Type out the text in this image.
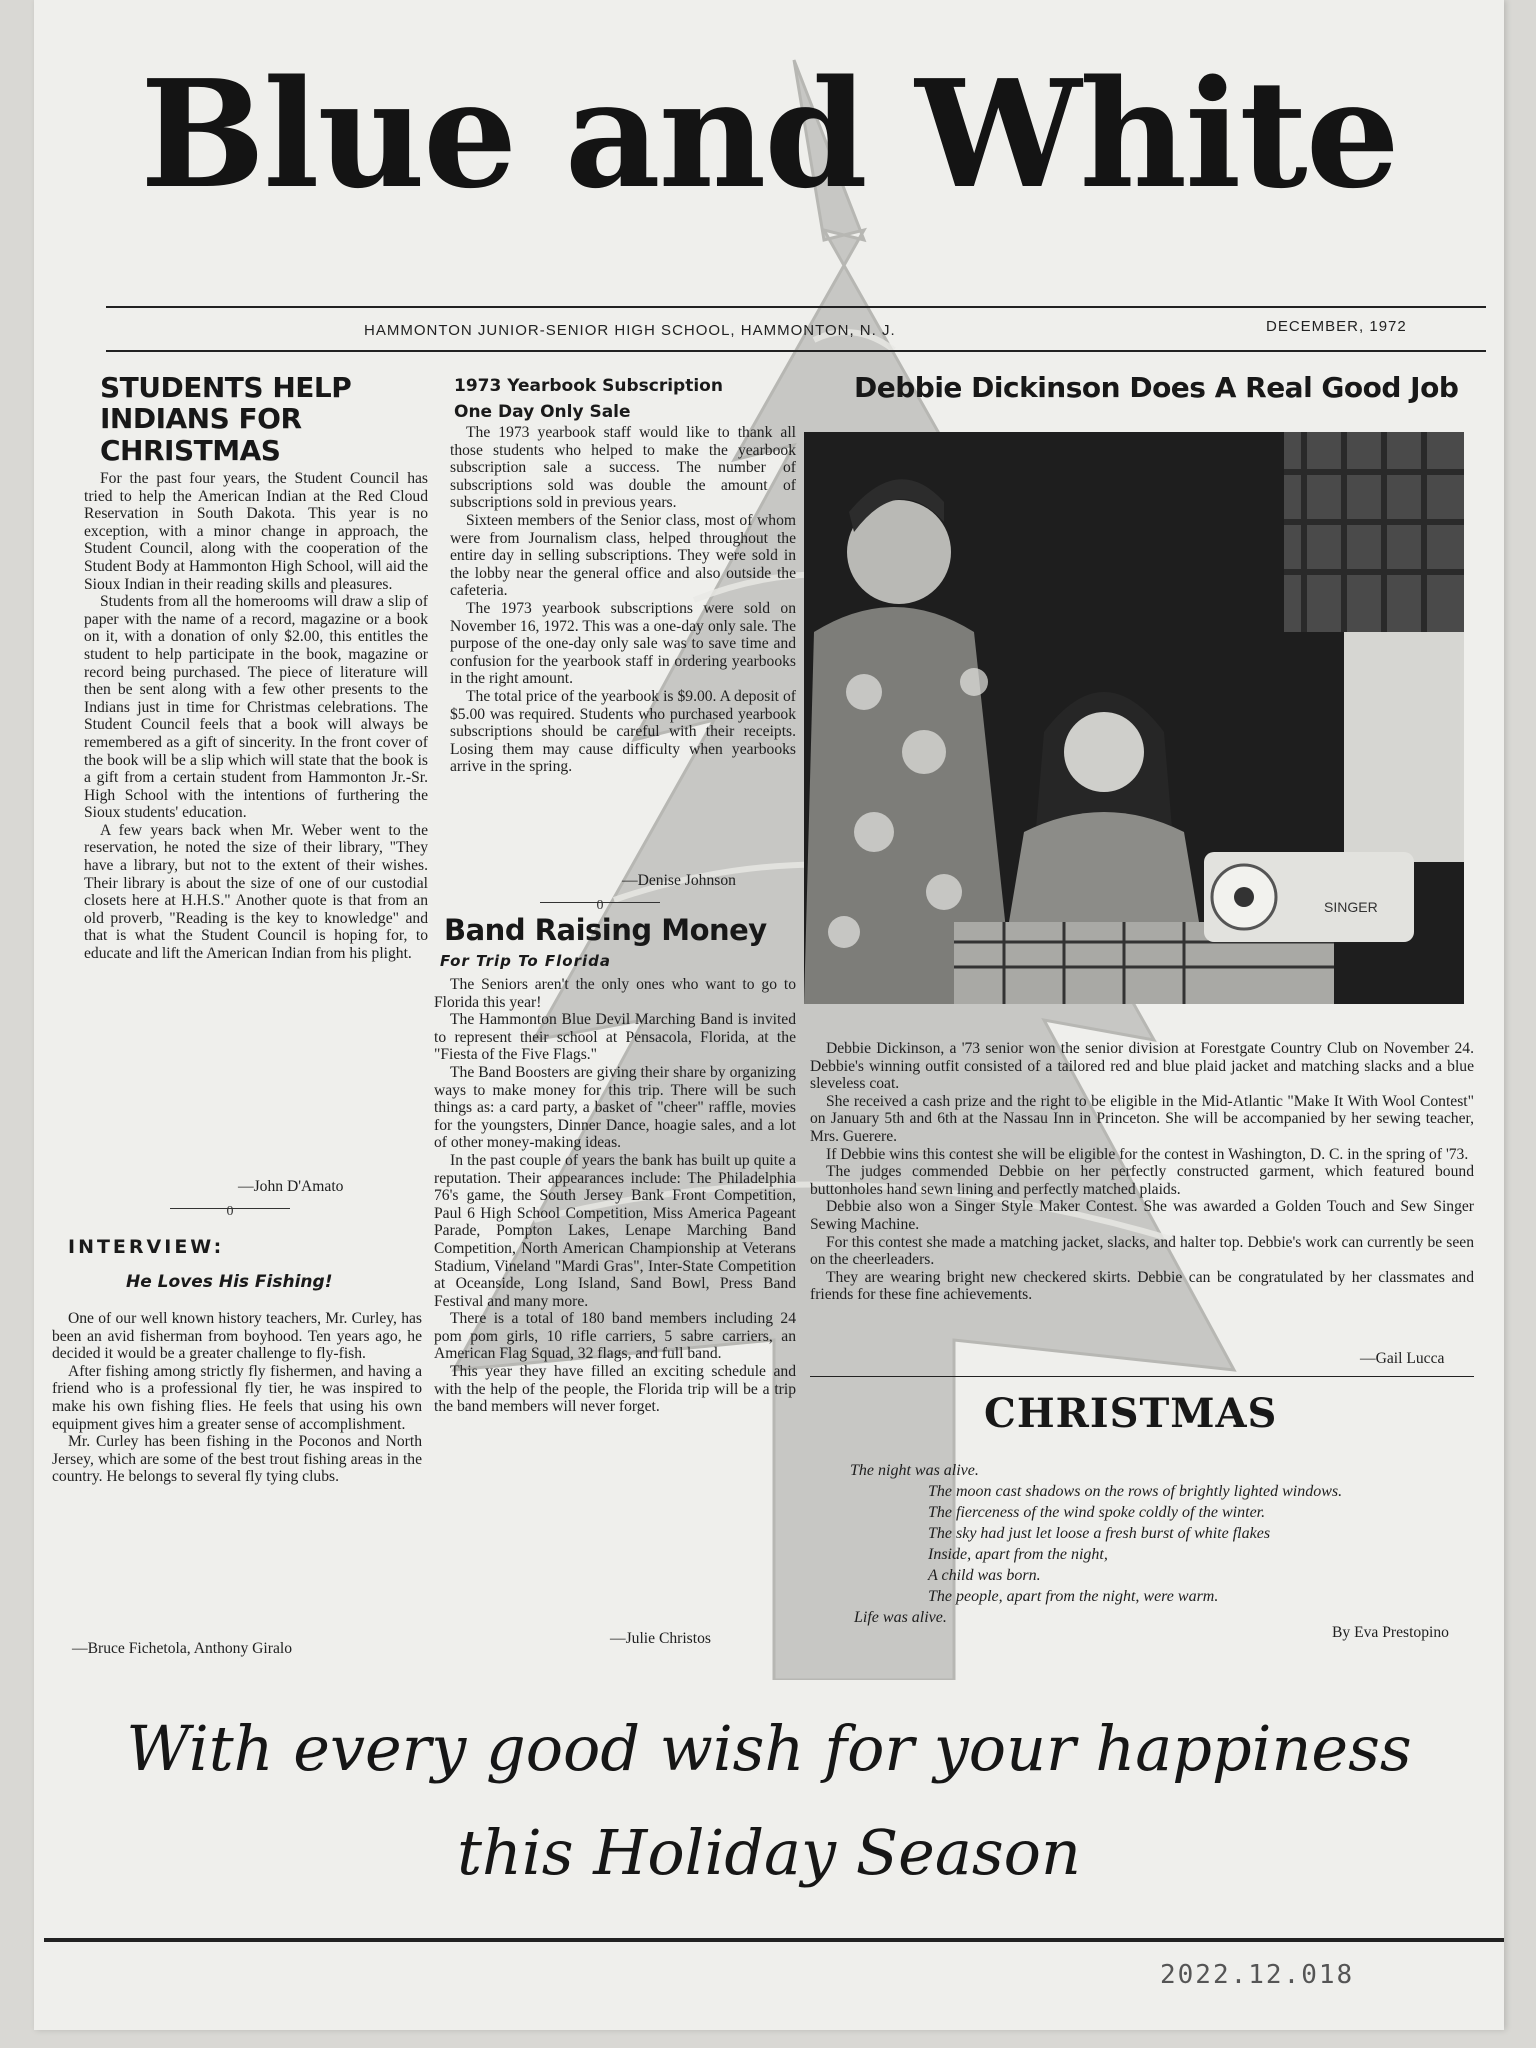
Blue and White
HAMMONTON JUNIOR-SENIOR HIGH SCHOOL, HAMMONTON, N. J.	DECEMBER, 1972
STUDENTS HELP INDIANS FOR CHRISTMAS

For the past four years, the Student Council has tried to help the American Indian at the Red Cloud Reservation in South Dakota. This year is no exception, with a minor change in approach, the Student Council, along with the cooperation of the Student Body at Hammonton High School, will aid the Sioux Indian in their reading skills and pleasures.

Students from all the homerooms will draw a slip of paper with the name of a record, magazine or a book on it, with a donation of only $2.00, this entitles the student to help participate in the book, magazine or record being purchased. The piece of literature will then be sent along with a few other presents to the Indians just in time for Christmas celebrations. The Student Council feels that a book will always be remembered as a gift of sincerity. In the front cover of the book will be a slip which will state that the book is a gift from a certain student from Hammonton Jr.-Sr. High School with the intentions of furthering the Sioux students' education.

A few years back when Mr. Weber went to the reservation, he noted the size of their library, "They have a library, but not to the extent of their wishes. Their library is about the size of one of our custodial closets here at H.H.S." Another quote is that from an old proverb, "Reading is the key to knowledge" and that is what the Student Council is hoping for, to educate and lift the American Indian from his plight.

—John D'Amato
0
INTERVIEW:
He Loves His Fishing!

One of our well known history teachers, Mr. Curley, has been an avid fisherman from boyhood. Ten years ago, he decided it would be a greater challenge to fly-fish.

After fishing among strictly fly fishermen, and having a friend who is a professional fly tier, he was inspired to make his own fishing flies. He feels that using his own equipment gives him a greater sense of accomplishment.

Mr. Curley has been fishing in the Poconos and North Jersey, which are some of the best trout fishing areas in the country. He belongs to several fly tying clubs.

—Bruce Fichetola, Anthony Giralo
1973 Yearbook Subscription
One Day Only Sale

The 1973 yearbook staff would like to thank all those students who helped to make the yearbook subscription sale a success. The number of subscriptions sold was double the amount of subscriptions sold in previous years.

Sixteen members of the Senior class, most of whom were from Journalism class, helped throughout the entire day in selling subscriptions. They were sold in the lobby near the general office and also outside the cafeteria.

The 1973 yearbook subscriptions were sold on November 16, 1972. This was a one-day only sale. The purpose of the one-day only sale was to save time and confusion for the yearbook staff in ordering yearbooks in the right amount.

The total price of the yearbook is $9.00. A deposit of $5.00 was required. Students who purchased yearbook subscriptions should be careful with their receipts. Losing them may cause difficulty when yearbooks arrive in the spring.

—Denise Johnson
0
Band Raising Money
For Trip To Florida

The Seniors aren't the only ones who want to go to Florida this year!

The Hammonton Blue Devil Marching Band is invited to represent their school at Pensacola, Florida, at the "Fiesta of the Five Flags."

The Band Boosters are giving their share by organizing ways to make money for this trip. There will be such things as: a card party, a basket of "cheer" raffle, movies for the youngsters, Dinner Dance, hoagie sales, and a lot of other money-making ideas.

In the past couple of years the bank has built up quite a reputation. Their appearances include: The Philadelphia 76's game, the South Jersey Bank Front Competition, Paul 6 High School Competition, Miss America Pageant Parade, Pompton Lakes, Lenape Marching Band Competition, North American Championship at Veterans Stadium, Vineland "Mardi Gras", Inter-State Competition at Oceanside, Long Island, Sand Bowl, Press Band Festival and many more.

There is a total of 180 band members including 24 pom pom girls, 10 rifle carriers, 5 sabre carriers, an American Flag Squad, 32 flags, and full band.

This year they have filled an exciting schedule and with the help of the people, the Florida trip will be a trip the band members will never forget.

—Julie Christos
Debbie Dickinson Does A Real Good Job
SINGER

Debbie Dickinson, a '73 senior won the senior division at Forestgate Country Club on November 24. Debbie's winning outfit consisted of a tailored red and blue plaid jacket and matching slacks and a blue sleveless coat.

She received a cash prize and the right to be eligible in the Mid-Atlantic "Make It With Wool Contest" on January 5th and 6th at the Nassau Inn in Princeton. She will be accompanied by her sewing teacher, Mrs. Guerere.

If Debbie wins this contest she will be eligible for the contest in Washington, D. C. in the spring of '73.

The judges commended Debbie on her perfectly constructed garment, which featured bound buttonholes hand sewn lining and perfectly matched plaids.

Debbie also won a Singer Style Maker Contest. She was awarded a Golden Touch and Sew Singer Sewing Machine.

For this contest she made a matching jacket, slacks, and halter top. Debbie's work can currently be seen on the cheerleaders.

They are wearing bright new checkered skirts. Debbie can be congratulated by her classmates and friends for these fine achievements.

—Gail Lucca
CHRISTMAS
The night was alive.
The moon cast shadows on the rows of brightly lighted windows.
The fierceness of the wind spoke coldly of the winter.
The sky had just let loose a fresh burst of white flakes
Inside, apart from the night,
A child was born.
The people, apart from the night, were warm.
Life was alive.
By Eva Prestopino
With every good wish for your happiness
this Holiday Season
2022.12.018
